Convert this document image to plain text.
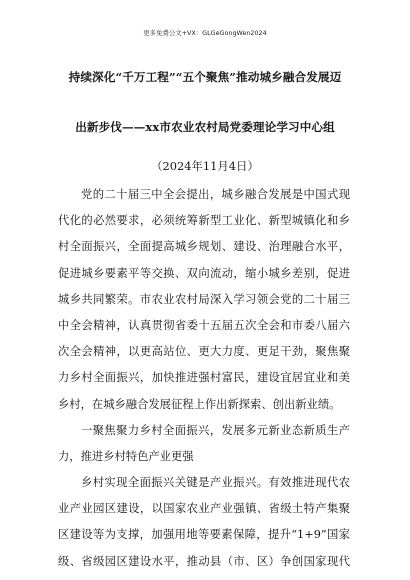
更多免费公文+VX：GLGeGongWen2024
持续深化“千万工程”“五个聚焦”推动城乡融合发展迈
出新步伐——xx市农业农村局党委理论学习中心组
（2024年11月4日）
党的二十届三中全会提出，城乡融合发展是中国式现
代化的必然要求，必须统筹新型工业化、新型城镇化和乡
村全面振兴，全面提高城乡规划、建设、治理融合水平，
促进城乡要素平等交换、双向流动，缩小城乡差别，促进
城乡共同繁荣。市农业农村局深入学习领会党的二十届三
中全会精神，认真贯彻省委十五届五次全会和市委八届六
次全会精神，以更高站位、更大力度、更足干劲，聚焦聚
力乡村全面振兴，加快推进强村富民，建设宜居宜业和美
乡村，在城乡融合发展征程上作出新探索、创出新业绩。
一聚焦聚力乡村全面振兴，发展多元新业态新质生产
力，推进乡村特色产业更强
乡村实现全面振兴关键是产业振兴。有效推进现代农
业产业园区建设，以国家农业产业强镇、省级土特产集聚
区建设等为支撑，加强用地等要素保障，提升“1+9”国家
级、省级园区建设水平，推动县（市、区）争创国家现代
